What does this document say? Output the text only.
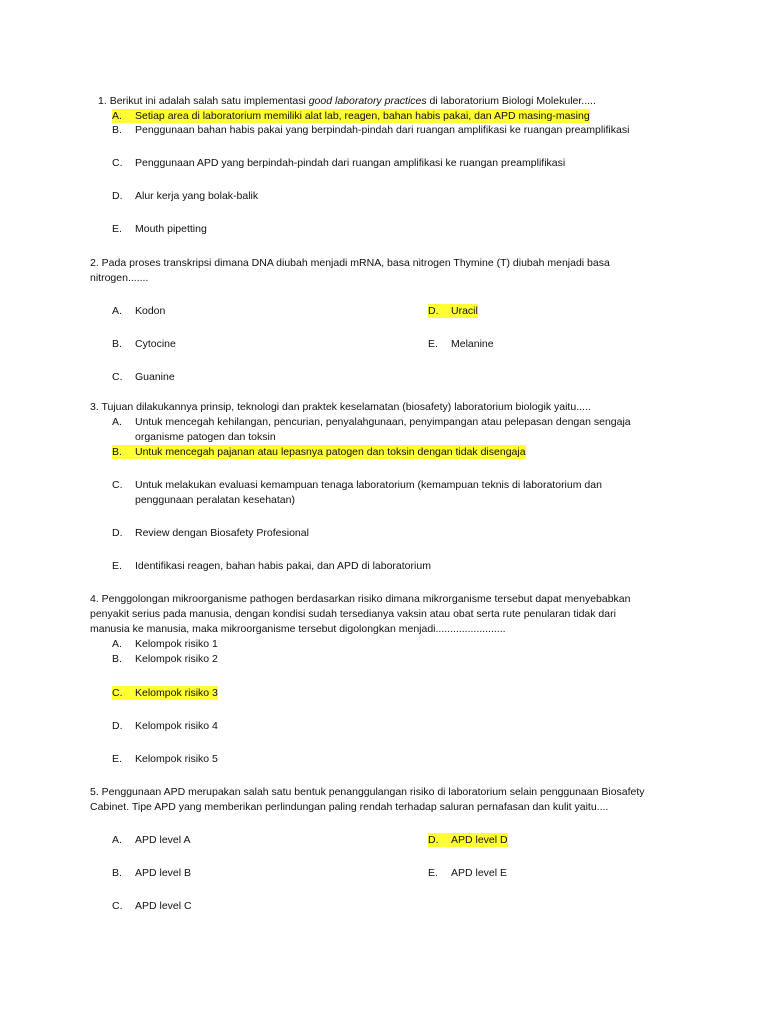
1. Berikut ini adalah salah satu implementasi good laboratory practices di laboratorium Biologi Molekuler.....
A. Setiap area di laboratorium memiliki alat lab, reagen, bahan habis pakai, dan APD masing-masing
B. Penggunaan bahan habis pakai yang berpindah-pindah dari ruangan amplifikasi ke ruangan preamplifikasi
C. Penggunaan APD yang berpindah-pindah dari ruangan amplifikasi ke ruangan preamplifikasi
D. Alur kerja yang bolak-balik
E. Mouth pipetting
2. Pada proses transkripsi dimana DNA diubah menjadi mRNA, basa nitrogen Thymine (T) diubah menjadi basa
nitrogen.......
A. Kodon
B. Cytocine
C. Guanine
D. Uracil
E. Melanine
3. Tujuan dilakukannya prinsip, teknologi dan praktek keselamatan (biosafety) laboratorium biologik yaitu.....
A. Untuk mencegah kehilangan, pencurian, penyalahgunaan, penyimpangan atau pelepasan dengan sengaja
organisme patogen dan toksin
B. Untuk mencegah pajanan atau lepasnya patogen dan toksin dengan tidak disengaja
C. Untuk melakukan evaluasi kemampuan tenaga laboratorium (kemampuan teknis di laboratorium dan
penggunaan peralatan kesehatan)
D. Review dengan Biosafety Profesional
E. Identifikasi reagen, bahan habis pakai, dan APD di laboratorium
4. Penggolongan mikroorganisme pathogen berdasarkan risiko dimana mikrorganisme tersebut dapat menyebabkan
penyakit serius pada manusia, dengan kondisi sudah tersedianya vaksin atau obat serta rute penularan tidak dari
manusia ke manusia, maka mikroorganisme tersebut digolongkan menjadi........................
A. Kelompok risiko 1
B. Kelompok risiko 2
C. Kelompok risiko 3
D. Kelompok risiko 4
E. Kelompok risiko 5
5. Penggunaan APD merupakan salah satu bentuk penanggulangan risiko di laboratorium selain penggunaan Biosafety
Cabinet. Tipe APD yang memberikan perlindungan paling rendah terhadap saluran pernafasan dan kulit yaitu....
A. APD level A
B. APD level B
C. APD level C
D. APD level D
E. APD level E
